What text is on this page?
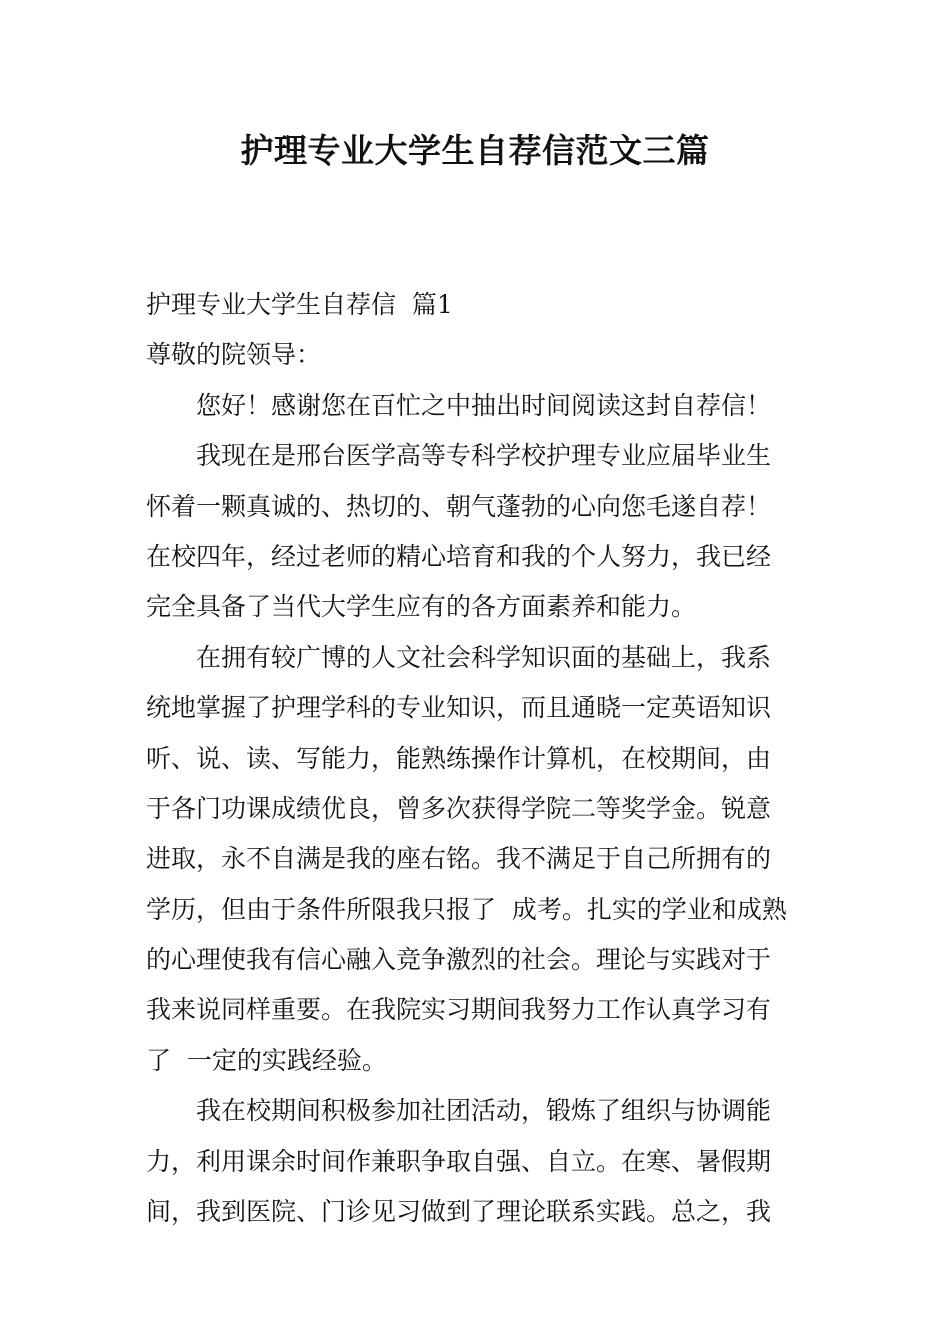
护理专业大学生自荐信范文三篇
护理专业大学生自荐信  篇1
尊敬的院领导：
您好！感谢您在百忙之中抽出时间阅读这封自荐信！
我现在是邢台医学高等专科学校护理专业应届毕业生
怀着一颗真诚的、热切的、朝气蓬勃的心向您毛遂自荐！
在校四年，经过老师的精心培育和我的个人努力，我已经
完全具备了当代大学生应有的各方面素养和能力。
在拥有较广博的人文社会科学知识面的基础上，我系
统地掌握了护理学科的专业知识，而且通晓一定英语知识
听、说、读、写能力，能熟练操作计算机，在校期间，由
于各门功课成绩优良，曾多次获得学院二等奖学金。锐意
进取，永不自满是我的座右铭。我不满足于自己所拥有的
学历，但由于条件所限我只报了  成考。扎实的学业和成熟
的心理使我有信心融入竞争激烈的社会。理论与实践对于
我来说同样重要。在我院实习期间我努力工作认真学习有
了  一定的实践经验。
我在校期间积极参加社团活动，锻炼了组织与协调能
力，利用课余时间作兼职争取自强、自立。在寒、暑假期
间，我到医院、门诊见习做到了理论联系实践。总之，我
